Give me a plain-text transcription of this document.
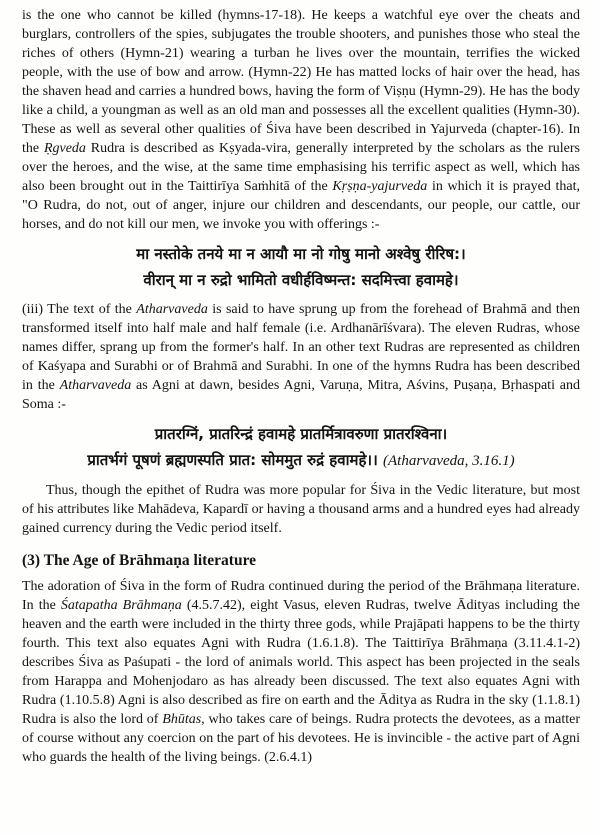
is the one who cannot be killed (hymns-17-18). He keeps a watchful eye over the cheats and burglars, controllers of the spies, subjugates the trouble shooters, and punishes those who steal the riches of others (Hymn-21) wearing a turban he lives over the mountain, terrifies the wicked people, with the use of bow and arrow. (Hymn-22) He has matted locks of hair over the head, has the shaven head and carries a hundred bows, having the form of Viṣṇu (Hymn-29). He has the body like a child, a youngman as well as an old man and possesses all the excellent qualities (Hymn-30). These as well as several other qualities of Śiva have been described in Yajurveda (chapter-16). In the Ṛgveda Rudra is described as Kṣyada-vira, generally interpreted by the scholars as the rulers over the heroes, and the wise, at the same time emphasising his terrific aspect as well, which has also been brought out in the Taittirīya Saṁhitā of the Kṛṣṇa-yajurveda in which it is prayed that, "O Rudra, do not, out of anger, injure our children and descendants, our people, our cattle, our horses, and do not kill our men, we invoke you with offerings :-

मा नस्तोके तनये मा न आयौ मा नो गोषु मानो अश्वेषु रीरिष:।
वीरान् मा न रुद्रो भामितो वधीर्हविष्मन्त: सदमित्त्वा हवामहे।

(iii) The text of the Atharvaveda is said to have sprung up from the forehead of Brahmā and then transformed itself into half male and half female (i.e. Ardhanārīśvara). The eleven Rudras, whose names differ, sprang up from the former's half. In an other text Rudras are represented as children of Kaśyapa and Surabhi or of Brahmā and Surabhi. In one of the hymns Rudra has been described in the Atharvaveda as Agni at dawn, besides Agni, Varuṇa, Mitra, Aśvins, Puṣaṇa, Bṛhaspati and Soma :-

प्रातरग्निं, प्रातरिन्द्रं हवामहे प्रातर्मित्रावरुणा प्रातरश्विना।
प्रातर्भगं पूषणं ब्रह्मणस्पति प्रात: सोममुत रुद्रं हवामहे।। (Atharvaveda, 3.16.1)

Thus, though the epithet of Rudra was more popular for Śiva in the Vedic literature, but most of his attributes like Mahādeva, Kapardī or having a thousand arms and a hundred eyes had already gained currency during the Vedic period itself.

(3) The Age of Brāhmaṇa literature

The adoration of Śiva in the form of Rudra continued during the period of the Brāhmaṇa literature. In the Śatapatha Brāhmaṇa (4.5.7.42), eight Vasus, eleven Rudras, twelve Ādityas including the heaven and the earth were included in the thirty three gods, while Prajāpati happens to be the thirty fourth. This text also equates Agni with Rudra (1.6.1.8). The Taittirīya Brāhmaṇa (3.11.4.1-2) describes Śiva as Paśupati - the lord of animals world. This aspect has been projected in the seals from Harappa and Mohenjodaro as has already been discussed. The text also equates Agni with Rudra (1.10.5.8) Agni is also described as fire on earth and the Āditya as Rudra in the sky (1.1.8.1) Rudra is also the lord of Bhūtas, who takes care of beings. Rudra protects the devotees, as a matter of course without any coercion on the part of his devotees. He is invincible - the active part of Agni who guards the health of the living beings. (2.6.4.1)
